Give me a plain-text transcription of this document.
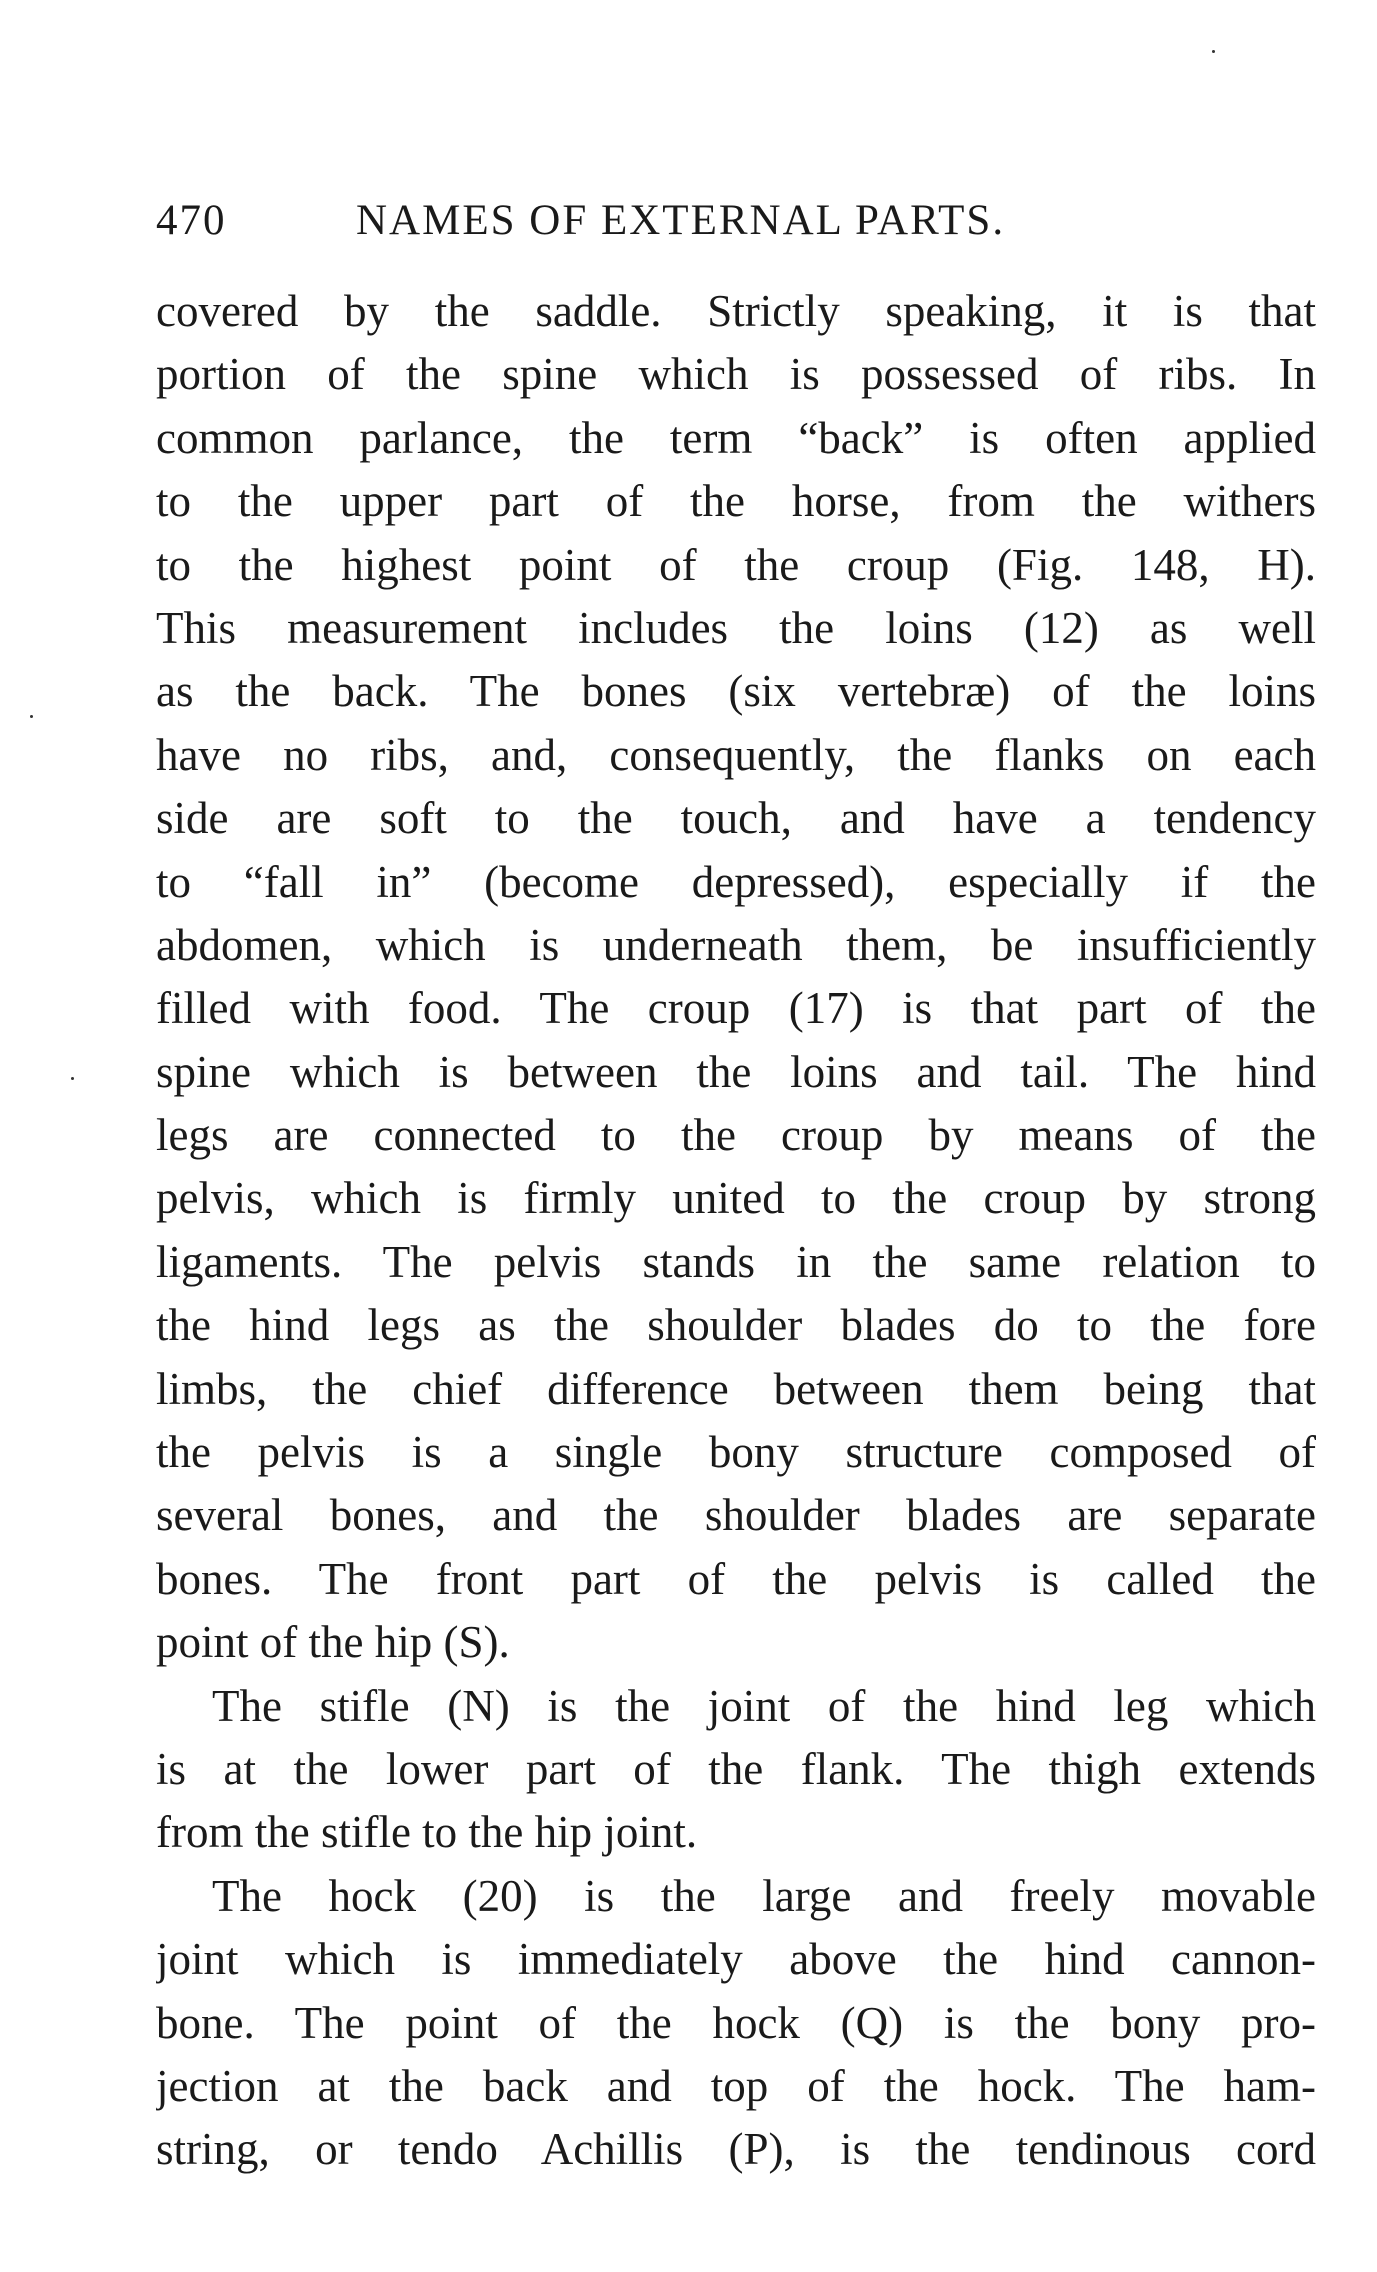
470	NAMES OF EXTERNAL PARTS.
covered by the saddle. Strictly speaking, it is that
portion of the spine which is possessed of ribs. In
common parlance, the term “back” is often applied
to the upper part of the horse, from the withers
to the highest point of the croup (Fig. 148, H).
This measurement includes the loins (12) as well
as the back. The bones (six vertebræ) of the loins
have no ribs, and, consequently, the flanks on each
side are soft to the touch, and have a tendency
to “fall in” (become depressed), especially if the
abdomen, which is underneath them, be insufficiently
filled with food. The croup (17) is that part of the
spine which is between the loins and tail. The hind
legs are connected to the croup by means of the
pelvis, which is firmly united to the croup by strong
ligaments. The pelvis stands in the same relation to
the hind legs as the shoulder blades do to the fore
limbs, the chief difference between them being that
the pelvis is a single bony structure composed of
several bones, and the shoulder blades are separate
bones. The front part of the pelvis is called the
point of the hip (S).
The stifle (N) is the joint of the hind leg which
is at the lower part of the flank. The thigh extends
from the stifle to the hip joint.
The hock (20) is the large and freely movable
joint which is immediately above the hind cannon-
bone. The point of the hock (Q) is the bony pro-
jection at the back and top of the hock. The ham-
string, or tendo Achillis (P), is the tendinous cord
